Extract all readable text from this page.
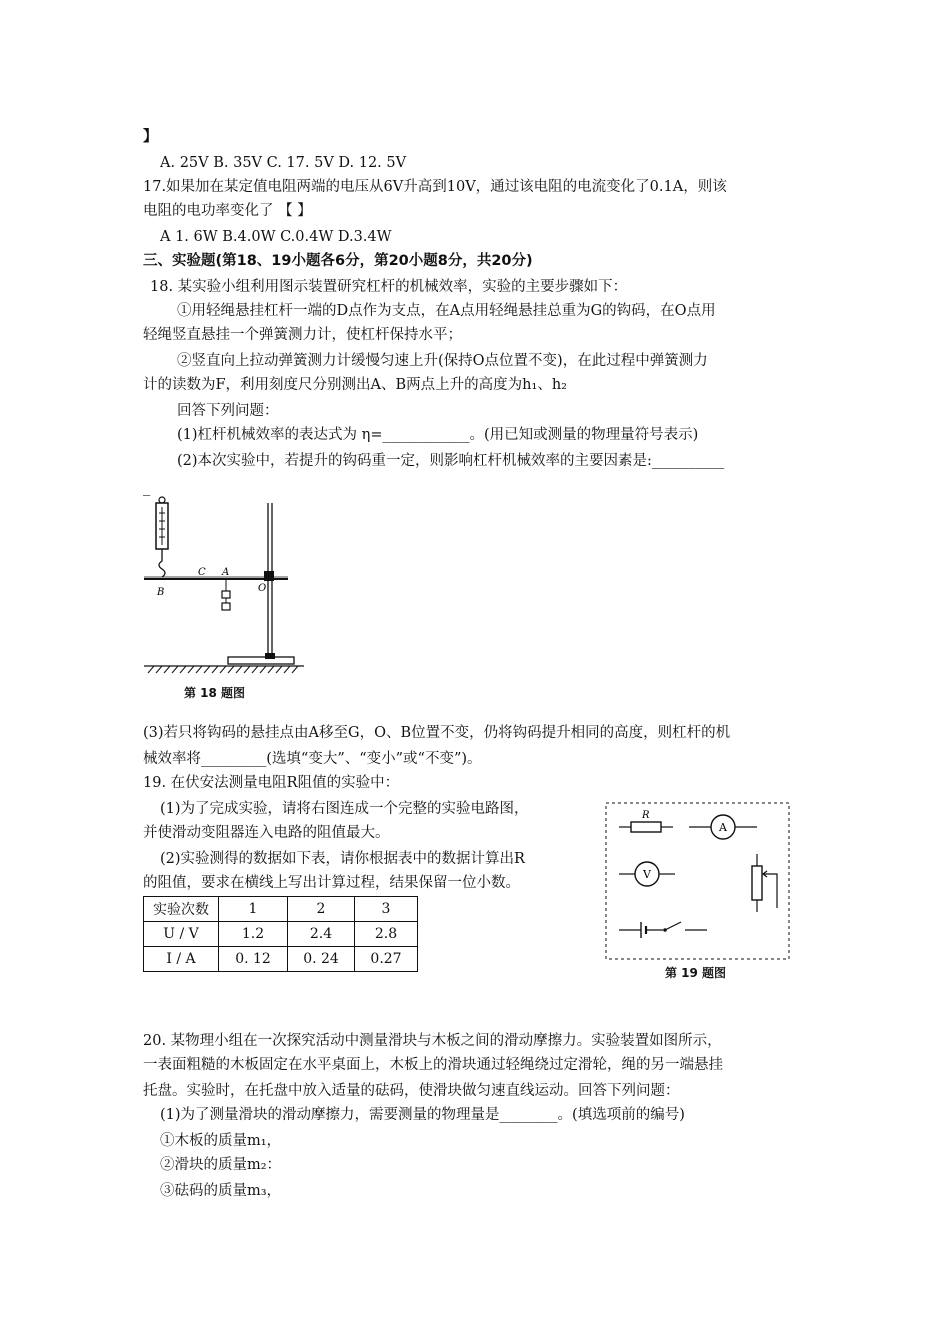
】
A. 25V B. 35V C. 17. 5V D. 12. 5V
17.如果加在某定值电阻两端的电压从6V升高到10V，通过该电阻的电流变化了0.1A，则该
电阻的电功率变化了 【 】
A 1. 6W B.4.0W C.0.4W D.3.4W
三、实验题(第18、19小题各6分，第20小题8分，共20分)
18. 某实验小组利用图示装置研究杠杆的机械效率，实验的主要步骤如下：
①用轻绳悬挂杠杆一端的D点作为支点，在A点用轻绳悬挂总重为G的钩码，在O点用
轻绳竖直悬挂一个弹簧测力计，使杠杆保持水平；
②竖直向上拉动弹簧测力计缓慢匀速上升(保持O点位置不变)，在此过程中弹簧测力
计的读数为F，利用刻度尺分别测出A、B两点上升的高度为h₁、h₂
回答下列问题：
(1)杠杆机械效率的表达式为 η=____________。(用已知或测量的物理量符号表示)
(2)本次实验中，若提升的钩码重一定，则影响杠杆机械效率的主要因素是:__________
_
B
C A
O
第 18 题图
(3)若只将钩码的悬挂点由A移至G，O、B位置不变，仍将钩码提升相同的高度，则杠杆的机
械效率将_________(选填“变大”、“变小”或“不变”)。
19. 在伏安法测量电阻R阻值的实验中：
(1)为了完成实验，请将右图连成一个完整的实验电路图，
并使滑动变阻器连入电路的阻值最大。
(2)实验测得的数据如下表，请你根据表中的数据计算出R
的阻值，要求在横线上写出计算过程，结果保留一位小数。
实验次数	1	2	3
U / V	1.2	2.4	2.8
I / A	0. 12	0. 24	0.27
R
A
V
第 19 题图
20. 某物理小组在一次探究活动中测量滑块与木板之间的滑动摩擦力。实验装置如图所示，
一表面粗糙的木板固定在水平桌面上，木板上的滑块通过轻绳绕过定滑轮，绳的另一端悬挂
托盘。实验时，在托盘中放入适量的砝码，使滑块做匀速直线运动。回答下列问题：
(1)为了测量滑块的滑动摩擦力，需要测量的物理量是________。(填选项前的编号)
①木板的质量m₁，
②滑块的质量m₂：
③砝码的质量m₃，
